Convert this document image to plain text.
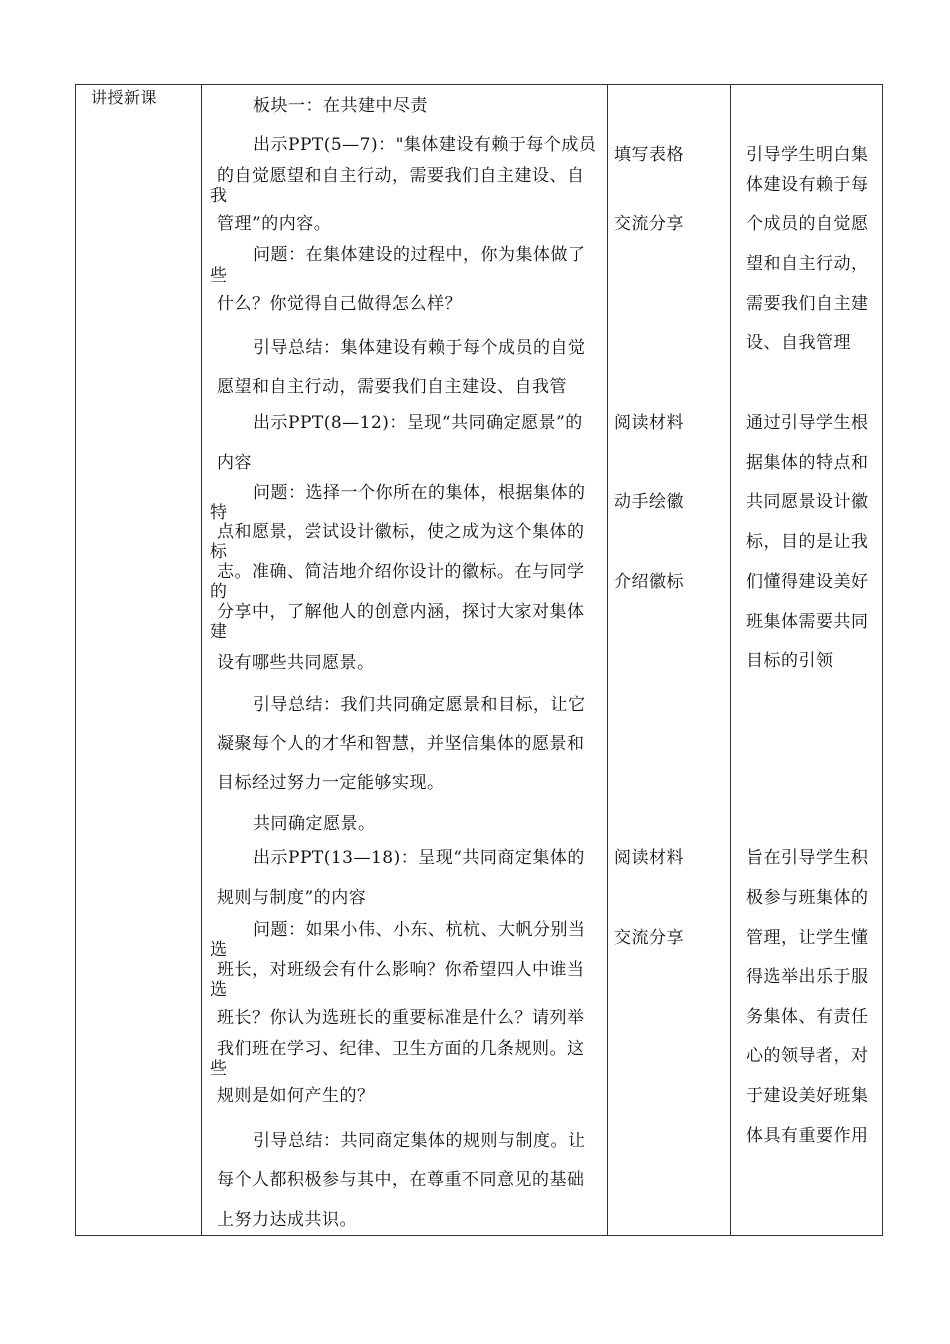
讲授新课	板块一：在共建中尽责
出示PPT(5—7)："集体建设有赖于每个成员
的自觉愿望和自主行动，需要我们自主建设、自
我
管理”的内容。
问题：在集体建设的过程中，你为集体做了
些
什么？你觉得自己做得怎么样？
引导总结：集体建设有赖于每个成员的自觉
愿望和自主行动，需要我们自主建设、自我管
出示PPT(8—12)：呈现“共同确定愿景”的
内容
问题：选择一个你所在的集体，根据集体的
特
点和愿景，尝试设计徽标，使之成为这个集体的
标
志。准确、简洁地介绍你设计的徽标。在与同学
的
分享中，了解他人的创意内涵，探讨大家对集体
建
设有哪些共同愿景。
引导总结：我们共同确定愿景和目标，让它
凝聚每个人的才华和智慧，并坚信集体的愿景和
目标经过努力一定能够实现。
共同确定愿景。
出示PPT(13—18)：呈现“共同商定集体的
规则与制度”的内容
问题：如果小伟、小东、杭杭、大帆分别当
选
班长，对班级会有什么影响？你希望四人中谁当
选
班长？你认为选班长的重要标准是什么？请列举
我们班在学习、纪律、卫生方面的几条规则。这
些
规则是如何产生的？
引导总结：共同商定集体的规则与制度。让
每个人都积极参与其中，在尊重不同意见的基础
上努力达成共识。
填写表格
交流分享
阅读材料
动手绘徽
介绍徽标
阅读材料
交流分享
引导学生明白集
体建设有赖于每
个成员的自觉愿
望和自主行动，
需要我们自主建
设、自我管理
通过引导学生根
据集体的特点和
共同愿景设计徽
标，目的是让我
们懂得建设美好
班集体需要共同
目标的引领
旨在引导学生积
极参与班集体的
管理，让学生懂
得选举出乐于服
务集体、有责任
心的领导者，对
于建设美好班集
体具有重要作用
